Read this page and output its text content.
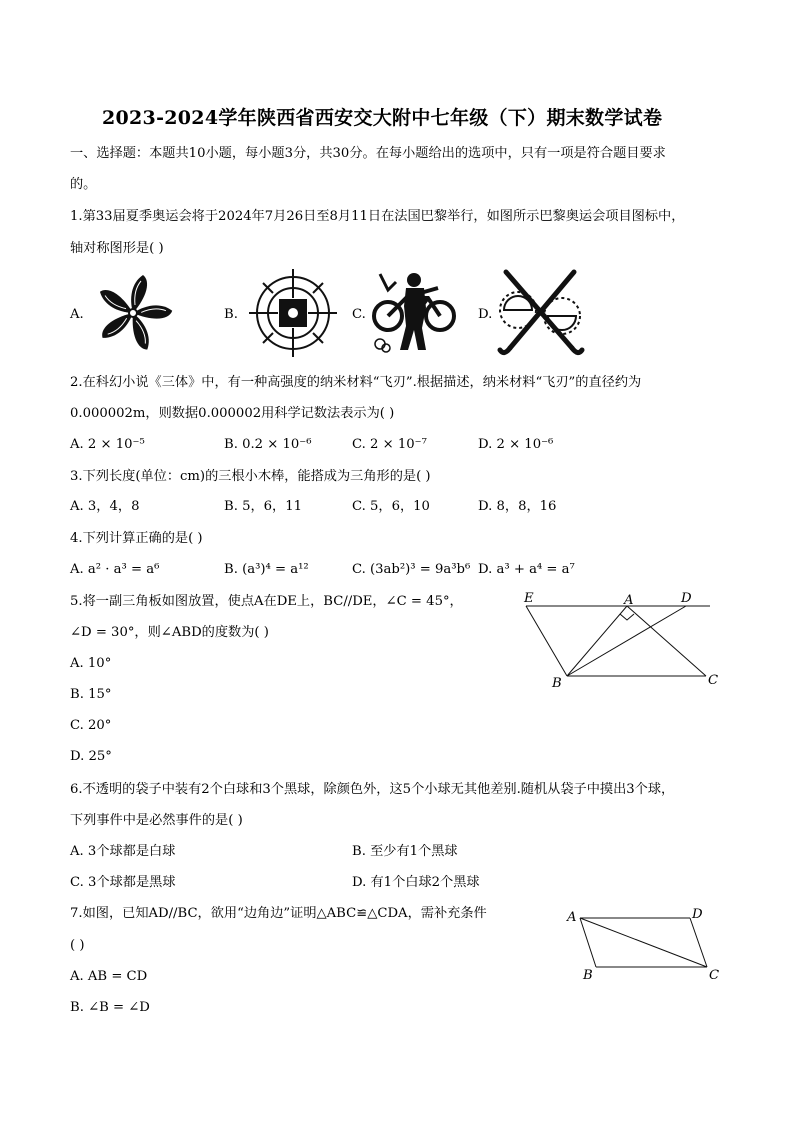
2023-2024学年陕西省西安交大附中七年级（下）期末数学试卷
一、选择题：本题共10小题，每小题3分，共30分。在每小题给出的选项中，只有一项是符合题目要求
的。
1.第33届夏季奥运会将于2024年7月26日至8月11日在法国巴黎举行，如图所示巴黎奥运会项目图标中，
轴对称图形是( )
A.	B.	C.	D.
2.在科幻小说《三体》中，有一种高强度的纳米材料“飞刃”.根据描述，纳米材料“飞刃”的直径约为
0.000002m，则数据0.000002用科学记数法表示为( )
A. 2 × 10⁻⁵	B. 0.2 × 10⁻⁶	C. 2 × 10⁻⁷	D. 2 × 10⁻⁶
3.下列长度(单位：cm)的三根小木棒，能搭成为三角形的是( )
A. 3，4，8	B. 5，6，11	C. 5，6，10	D. 8，8，16
4.下列计算正确的是( )
A. a² · a³ = a⁶	B. (a³)⁴ = a¹²	C. (3ab²)³ = 9a³b⁶ D. a³ + a⁴ = a⁷
5.将一副三角板如图放置，使点A在DE上，BC//DE，∠C = 45°，
∠D = 30°，则∠ABD的度数为( )
A. 10°
B. 15°
C. 20°
D. 25°
E	A	D
B	C
6.不透明的袋子中装有2个白球和3个黑球，除颜色外，这5个小球无其他差别.随机从袋子中摸出3个球，
下列事件中是必然事件的是( )
A. 3个球都是白球	B. 至少有1个黑球
C. 3个球都是黑球	D. 有1个白球2个黑球
7.如图，已知AD//BC，欲用“边角边”证明△ABC≌△CDA，需补充条件
( )
A. AB = CD
B. ∠B = ∠D
A	D
B	C
